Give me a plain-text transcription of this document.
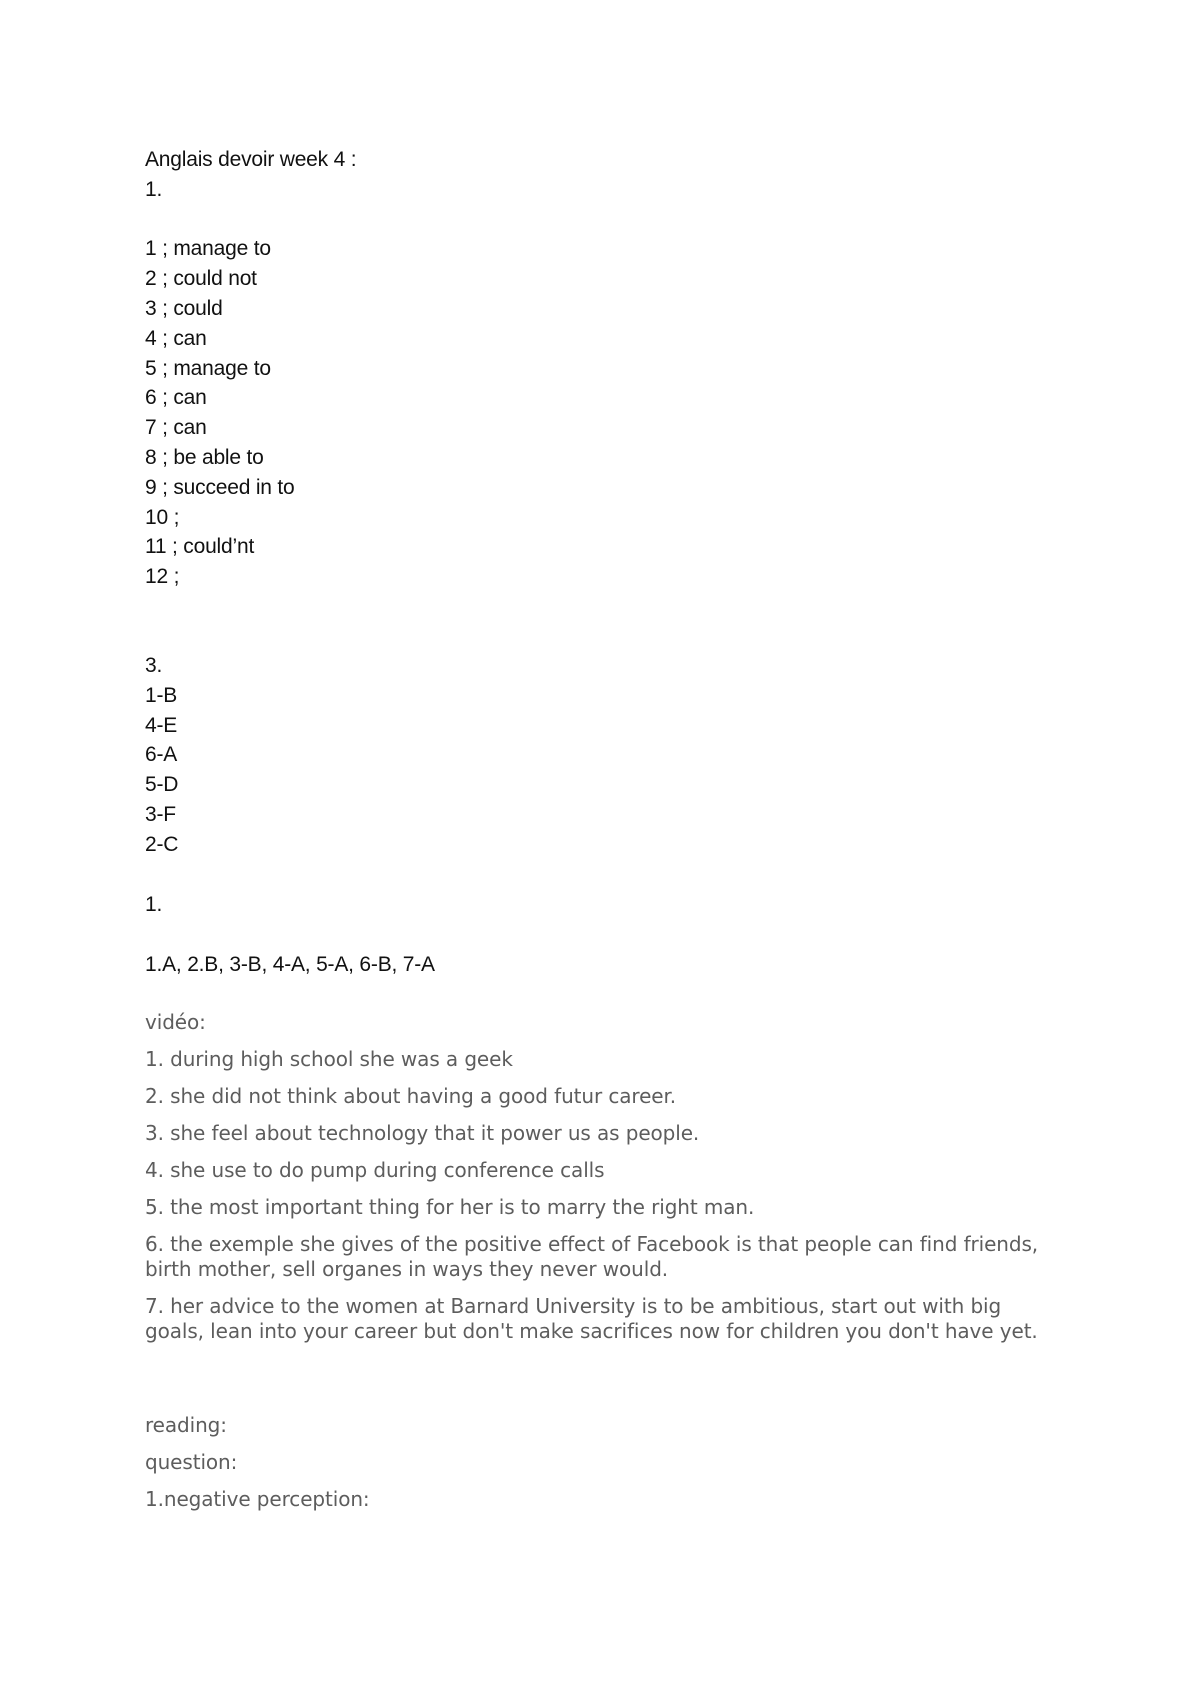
Anglais devoir week 4 :
1.
1 ; manage to
2 ; could not
3 ; could
4 ; can
5 ; manage to
6 ; can
7 ; can
8 ; be able to
9 ; succeed in to
10 ;
11 ; could’nt
12 ;
3.
1-B
4-E
6-A
5-D
3-F
2-C
1.
1.A, 2.B, 3-B, 4-A, 5-A, 6-B, 7-A
vidéo:
1. during high school she was a geek
2. she did not think about having a good futur career.
3. she feel about technology that it power us as people.
4. she use to do pump during conference calls
5. the most important thing for her is to marry the right man.
6. the exemple she gives of the positive effect of Facebook is that people can find friends, birth mother, sell organes in ways they never would.
7. her advice to the women at Barnard University is to be ambitious, start out with big goals, lean into your career but don't make sacrifices now for children you don't have yet.
reading:
question:
1.negative perception:
